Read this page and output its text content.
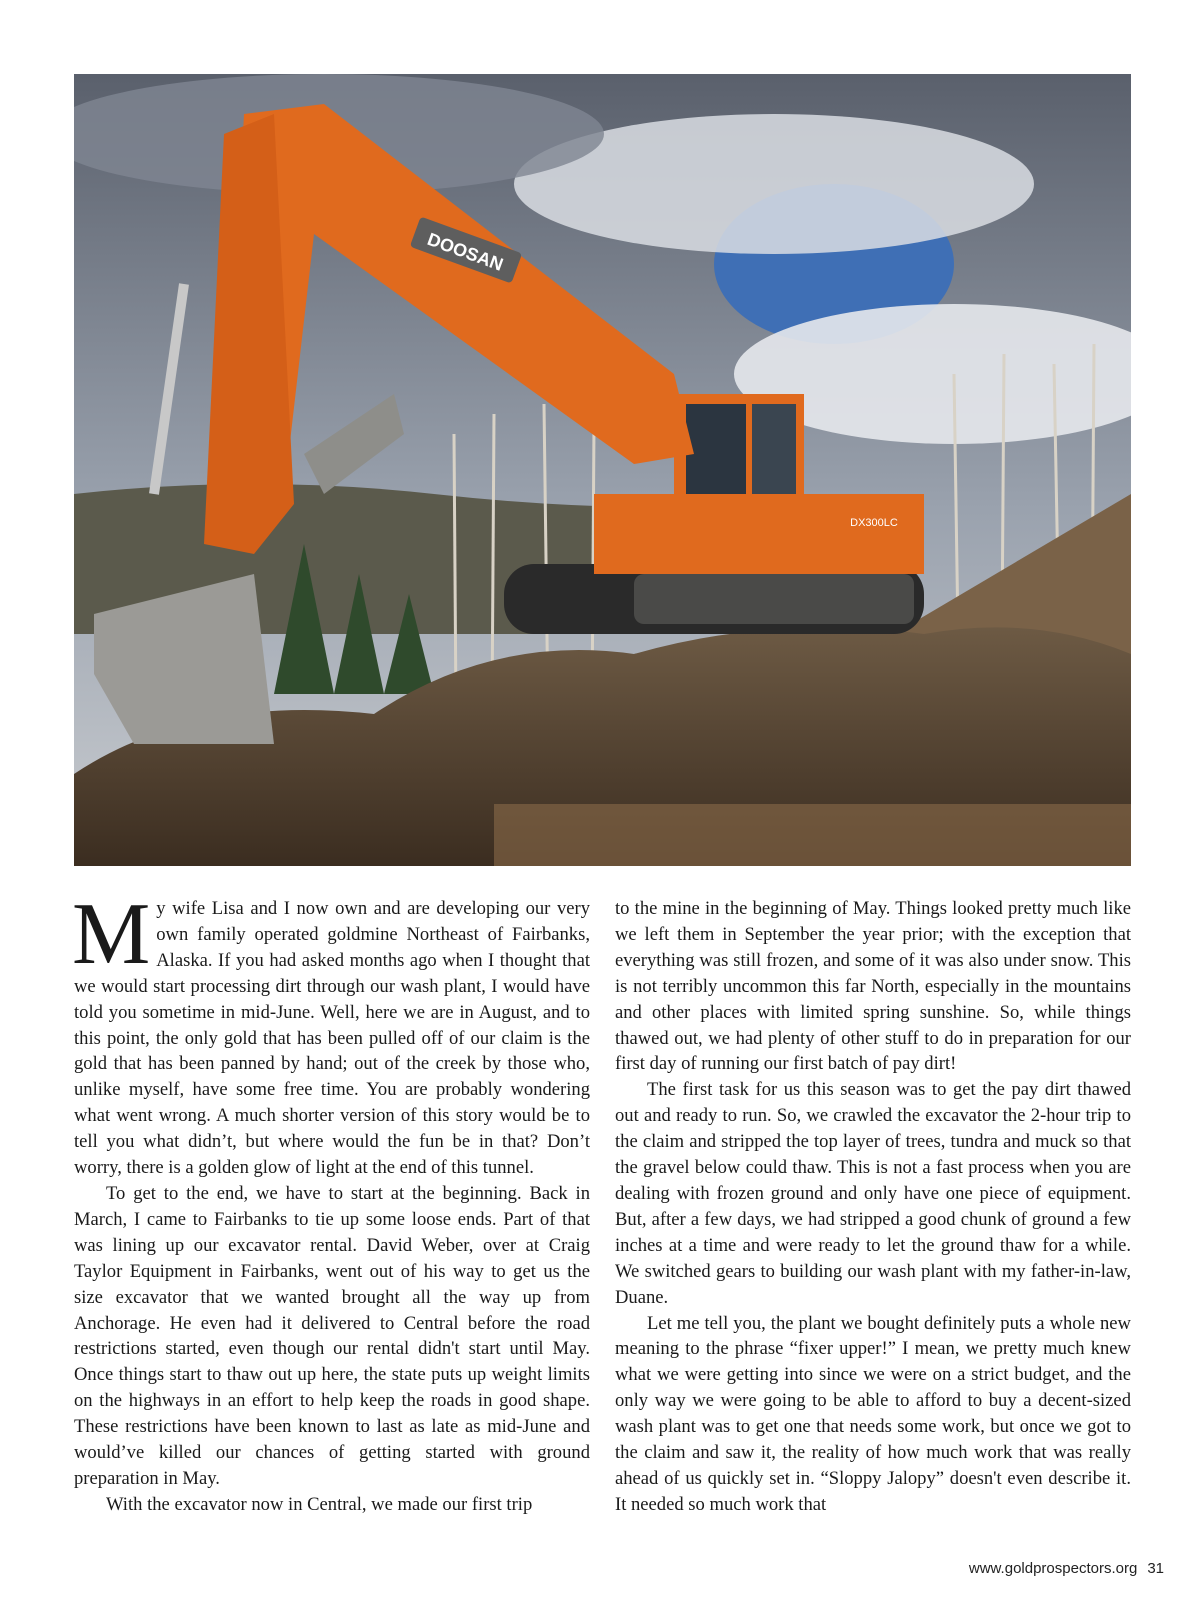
DOOSAN
DX300LC

My wife Lisa and I now own and are developing our very own family operated goldmine Northeast of Fairbanks, Alaska. If you had asked months ago when I thought that we would start processing dirt through our wash plant, I would have told you sometime in mid-June. Well, here we are in August, and to this point, the only gold that has been pulled off of our claim is the gold that has been panned by hand; out of the creek by those who, unlike myself, have some free time. You are probably wondering what went wrong. A much shorter version of this story would be to tell you what didn’t, but where would the fun be in that? Don’t worry, there is a golden glow of light at the end of this tunnel.

To get to the end, we have to start at the beginning. Back in March, I came to Fairbanks to tie up some loose ends. Part of that was lining up our excavator rental. David Weber, over at Craig Taylor Equipment in Fairbanks, went out of his way to get us the size excavator that we wanted brought all the way up from Anchorage. He even had it delivered to Central before the road restrictions started, even though our rental didn't start until May. Once things start to thaw out up here, the state puts up weight limits on the highways in an effort to help keep the roads in good shape. These restrictions have been known to last as late as mid-June and would’ve killed our chances of getting started with ground preparation in May.

With the excavator now in Central, we made our first trip

to the mine in the beginning of May. Things looked pretty much like we left them in September the year prior; with the exception that everything was still frozen, and some of it was also under snow. This is not terribly uncommon this far North, especially in the mountains and other places with limited spring sunshine. So, while things thawed out, we had plenty of other stuff to do in preparation for our first day of running our first batch of pay dirt!

The first task for us this season was to get the pay dirt thawed out and ready to run. So, we crawled the excavator the 2-hour trip to the claim and stripped the top layer of trees, tundra and muck so that the gravel below could thaw. This is not a fast process when you are dealing with frozen ground and only have one piece of equipment. But, after a few days, we had stripped a good chunk of ground a few inches at a time and were ready to let the ground thaw for a while. We switched gears to building our wash plant with my father-in-law, Duane.

Let me tell you, the plant we bought definitely puts a whole new meaning to the phrase “fixer upper!” I mean, we pretty much knew what we were getting into since we were on a strict budget, and the only way we were going to be able to afford to buy a decent-sized wash plant was to get one that needs some work, but once we got to the claim and saw it, the reality of how much work that was really ahead of us quickly set in. “Sloppy Jalopy” doesn't even describe it. It needed so much work that

www.goldprospectors.org 31
